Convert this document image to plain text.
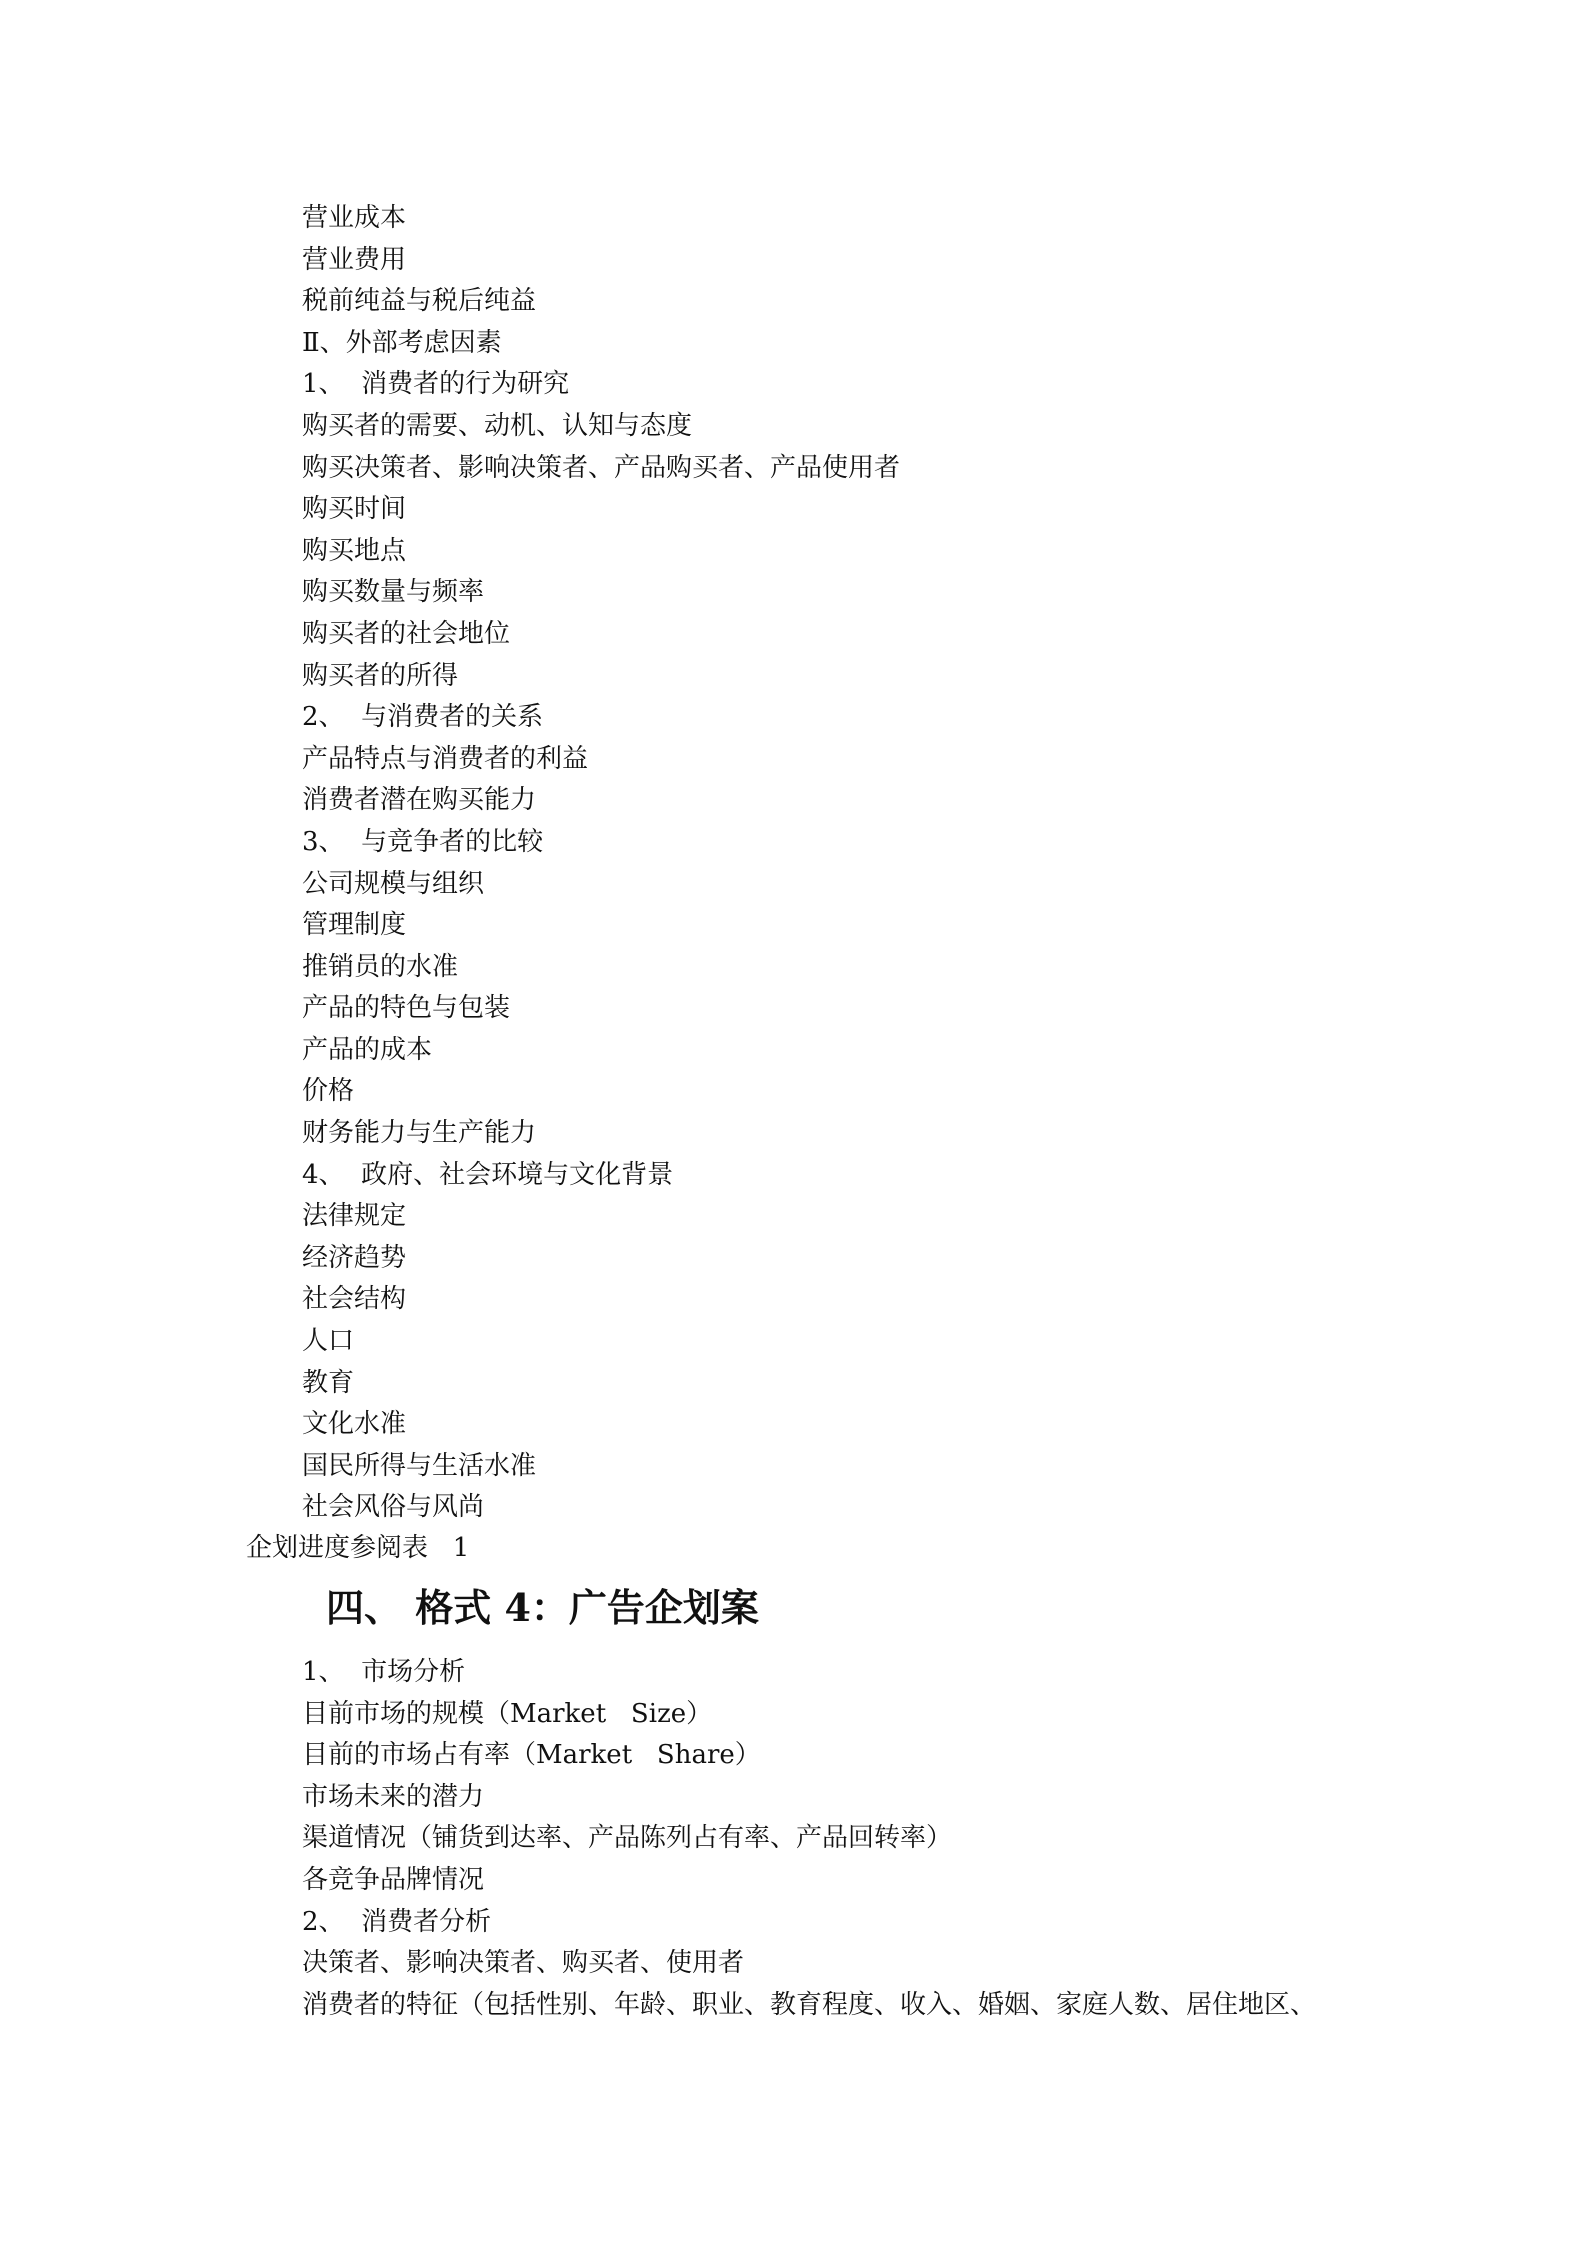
营业成本
营业费用
税前纯益与税后纯益
Ⅱ、外部考虑因素
1、  消费者的行为研究
购买者的需要、动机、认知与态度
购买决策者、影响决策者、产品购买者、产品使用者
购买时间
购买地点
购买数量与频率
购买者的社会地位
购买者的所得
2、  与消费者的关系
产品特点与消费者的利益
消费者潜在购买能力
3、  与竞争者的比较
公司规模与组织
管理制度
推销员的水准
产品的特色与包装
产品的成本
价格
财务能力与生产能力
4、  政府、社会环境与文化背景
法律规定
经济趋势
社会结构
人口
教育
文化水准
国民所得与生活水准
社会风俗与风尚
企划进度参阅表   1
四、 格式 4：广告企划案
1、  市场分析
目前市场的规模（Market   Size）
目前的市场占有率（Market   Share）
市场未来的潜力
渠道情况（铺货到达率、产品陈列占有率、产品回转率）
各竞争品牌情况
2、  消费者分析
决策者、影响决策者、购买者、使用者
消费者的特征（包括性别、年龄、职业、教育程度、收入、婚姻、家庭人数、居住地区、
